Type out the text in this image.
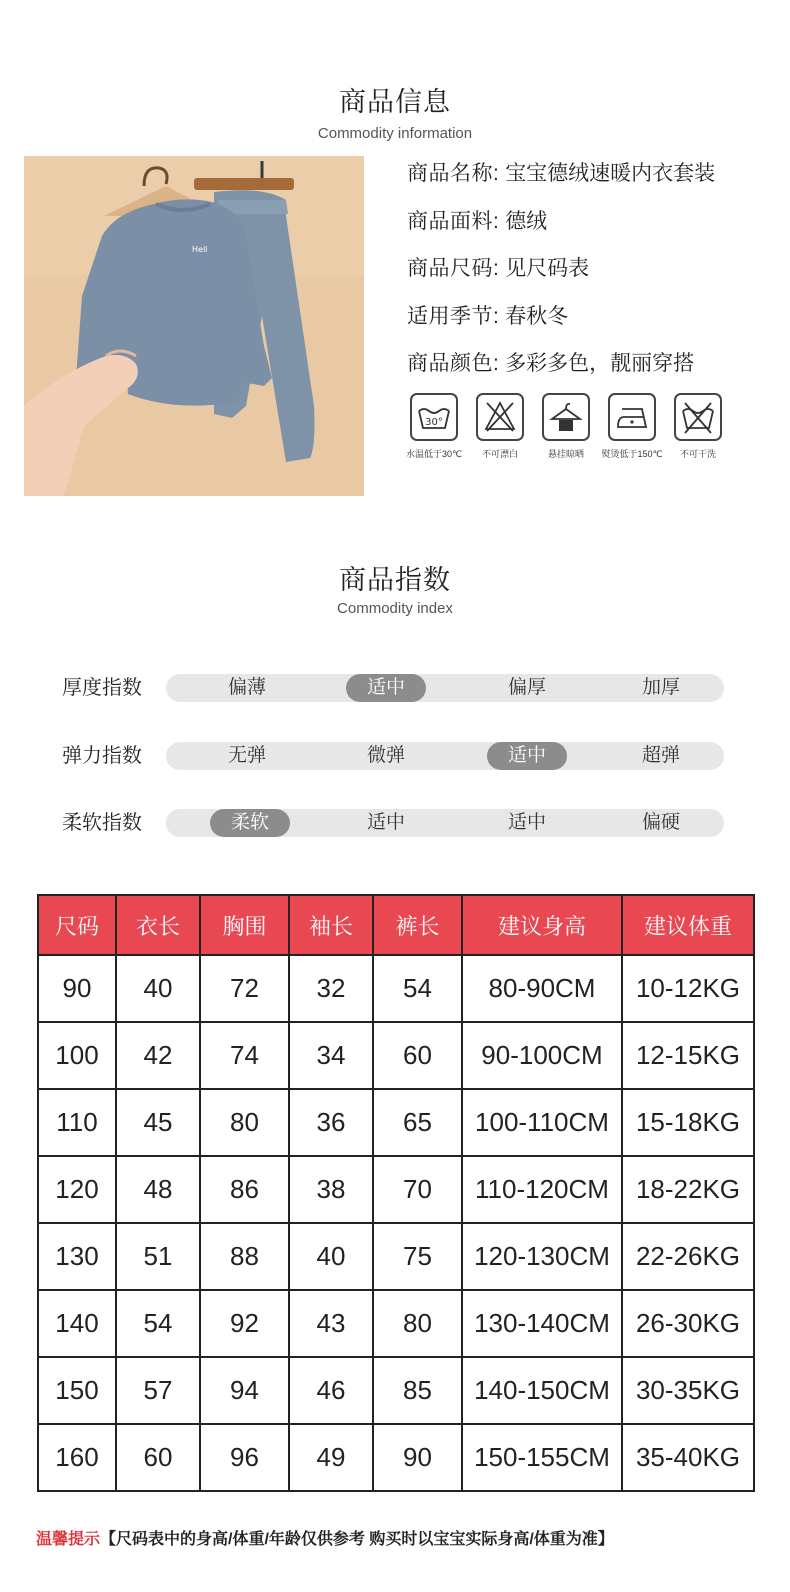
商品信息
Commodity information
Hell
商品名称: 宝宝德绒速暖内衣套装
商品面料: 德绒
商品尺码: 见尺码表
适用季节: 春秋冬
商品颜色: 多彩多色，靓丽穿搭
30°
水温低于30℃	不可漂白	悬挂晾晒	熨烫低于150℃	不可干洗
商品指数
Commodity index
厚度指数	偏薄	适中	偏厚	加厚
弹力指数	无弹	微弹	适中	超弹
柔软指数	柔软	适中	适中	偏硬
尺码	衣长	胸围	袖长	裤长	建议身高	建议体重
90	40	72	32	54	80-90CM	10-12KG
100	42	74	34	60	90-100CM	12-15KG
110	45	80	36	65	100-110CM	15-18KG
120	48	86	38	70	110-120CM	18-22KG
130	51	88	40	75	120-130CM	22-26KG
140	54	92	43	80	130-140CM	26-30KG
150	57	94	46	85	140-150CM	30-35KG
160	60	96	49	90	150-155CM	35-40KG
温馨提示【尺码表中的身高/体重/年龄仅供参考 购买时以宝宝实际身高/体重为准】
